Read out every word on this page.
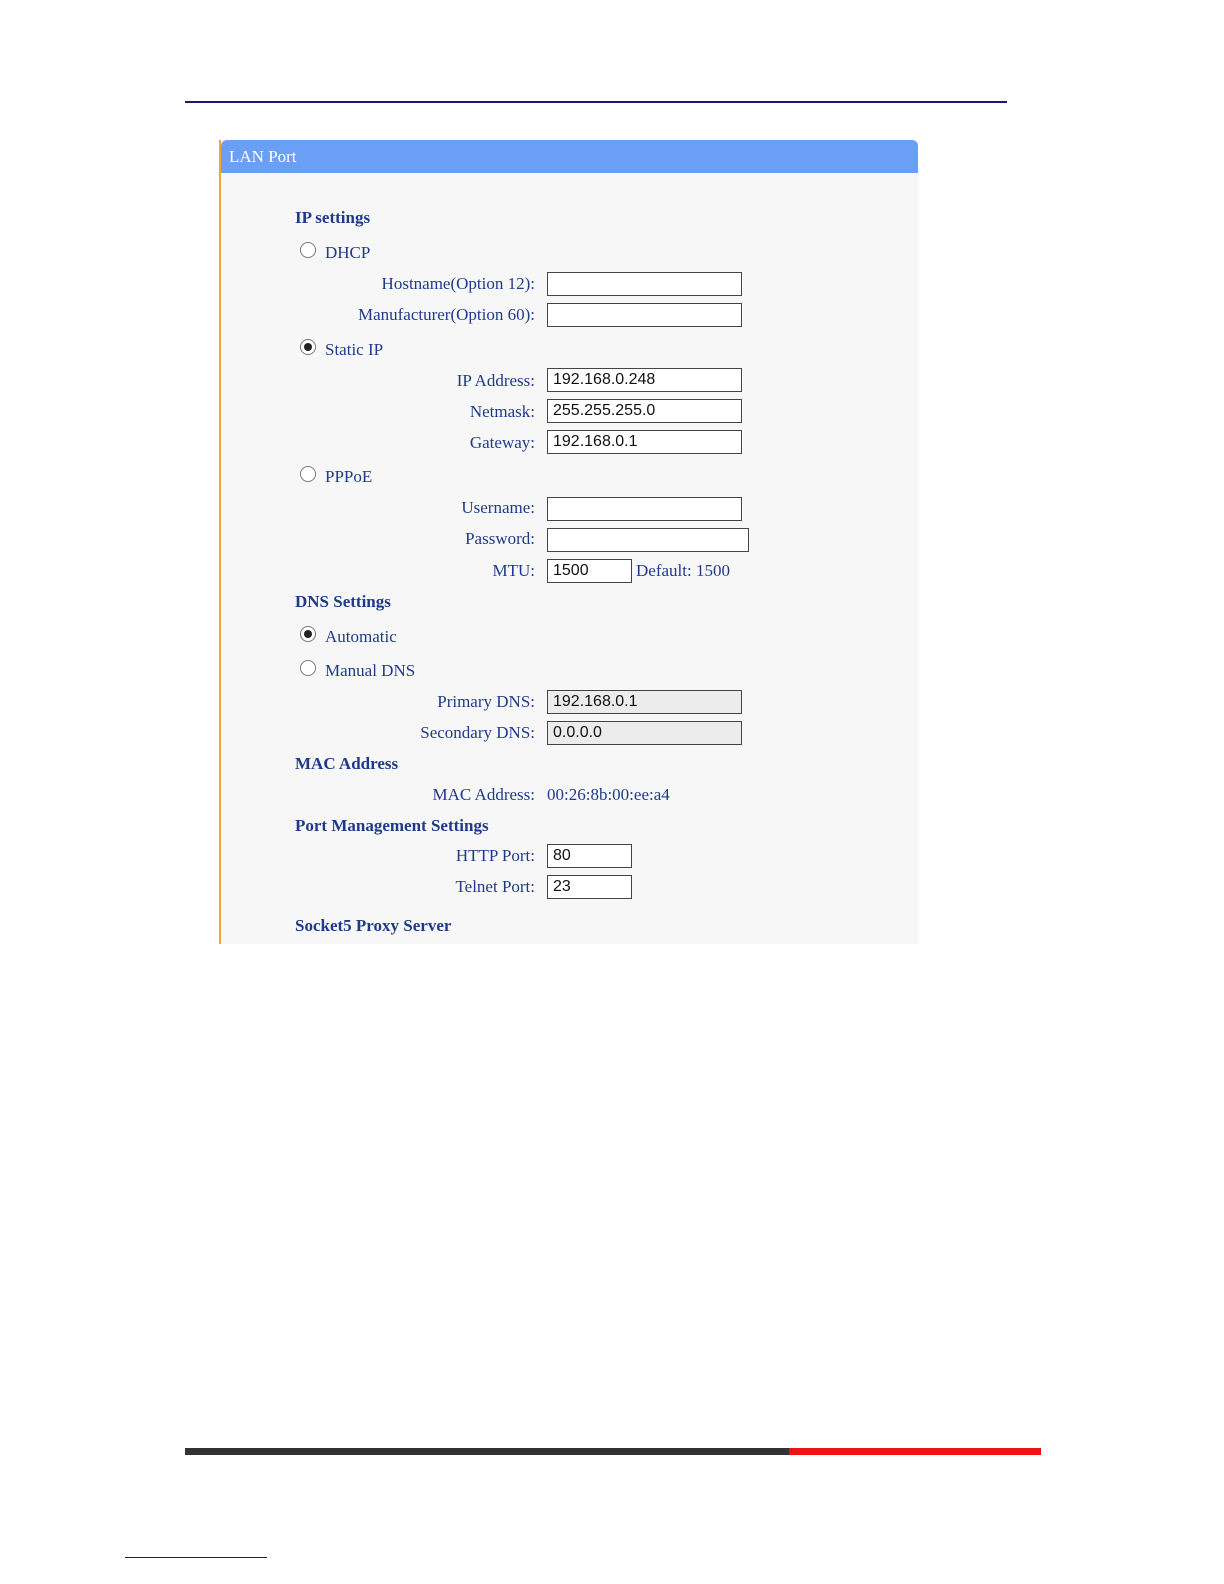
LAN Port
IP settings
DHCP
Hostname(Option 12):
Manufacturer(Option 60):
Static IP
IP Address:
192.168.0.248
Netmask:
255.255.255.0
Gateway:
192.168.0.1
PPPoE
Username:
Password:
MTU:
1500	Default: 1500
DNS Settings
Automatic
Manual DNS
Primary DNS:
192.168.0.1
Secondary DNS:
0.0.0.0
MAC Address
MAC Address: 00:26:8b:00:ee:a4
Port Management Settings
HTTP Port:
80
Telnet Port:
23
Socket5 Proxy Server
